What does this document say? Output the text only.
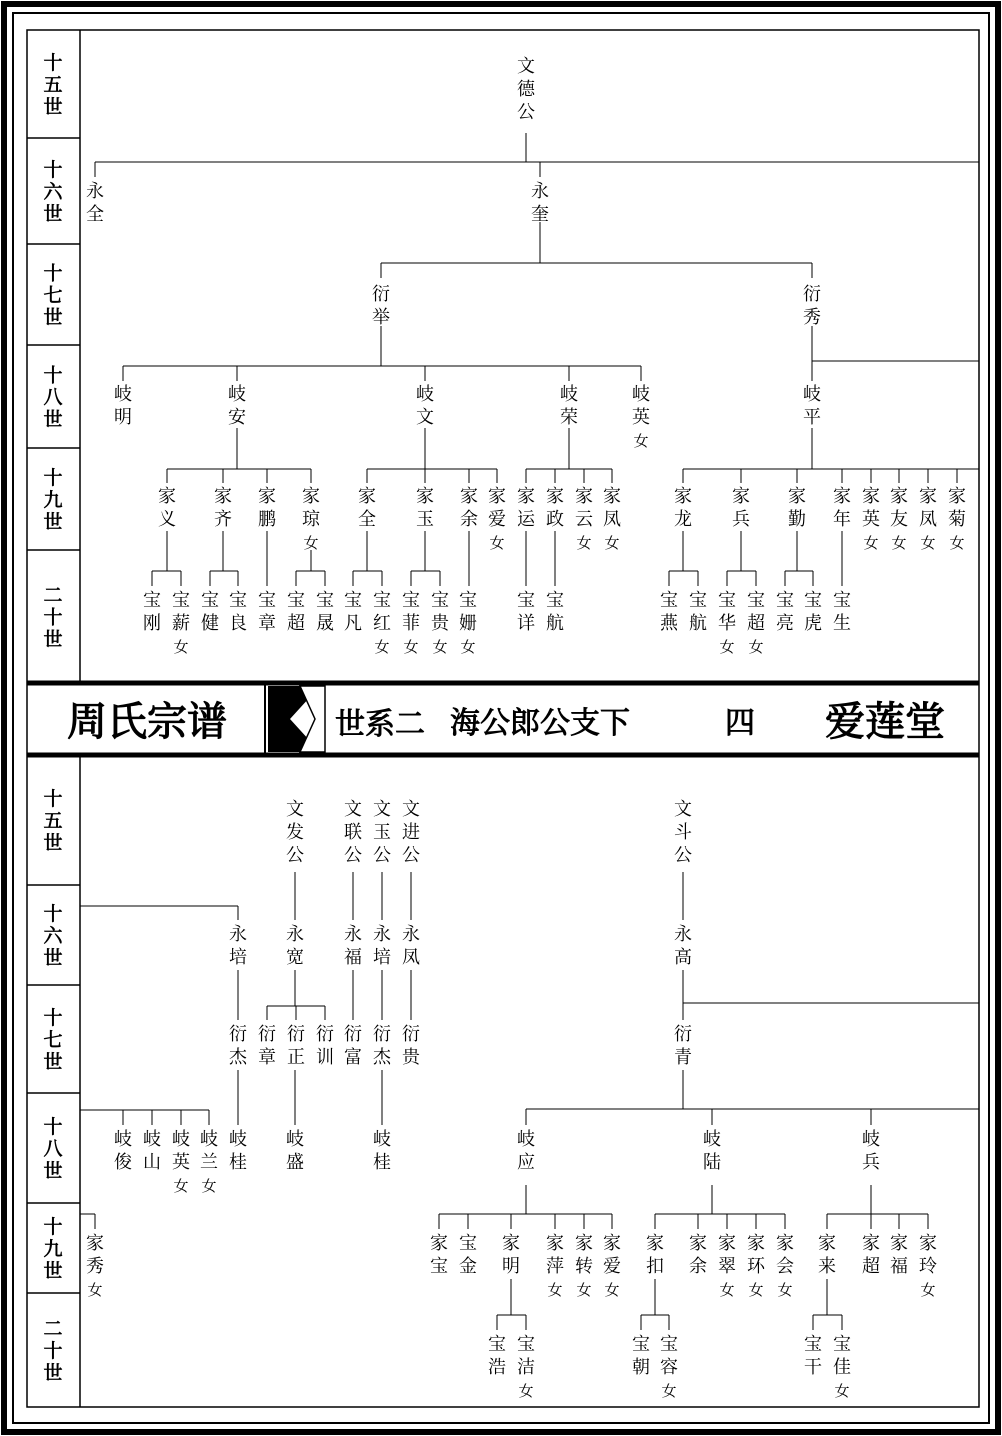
十五世
十六世
十七世
十八世
十九世
二十世
十五世
十六世
十七世
十八世
十九世
二十世
周氏宗谱	世系二 海公郎公支下	四 爱莲堂
文德公
永全
永奎
衍举
衍秀
岐明
岐安
岐文
岐荣
岐英
女
岐平
家义
家齐
家鹏
家琼
女
家全
家玉
家余
家爱
女
家运
家政
家云
女
家凤
女
家龙
家兵
家勤
家年
家英
女
家友
女
家凤
女
家菊
女
宝刚
宝薪
女
宝健
宝良
宝章
宝超
宝晟
宝凡
宝红
女
宝菲
女
宝贵
女
宝姗
女
宝详
宝航
宝燕
宝航
宝华
女
宝超
女
宝亮
宝虎
宝生
文发公
文联公
文玉公
文进公
文斗公
永培
永宽
永福
永培
永凤
永高
衍杰
衍章
衍正
衍训
衍富
衍杰
衍贵
衍青
岐俊
岐山
岐英
女
岐兰
女
岐桂
岐盛
岐桂
岐应
岐陆
岐兵
家秀
女
家宝
宝金
家明
家萍
女
家转
女
家爱
女
家扣
家余
家翠
女
家环
女
家会
女
家来
家超
家福
家玲
女
宝浩
宝洁
女
宝朝
宝容
女
宝干
宝佳
女
